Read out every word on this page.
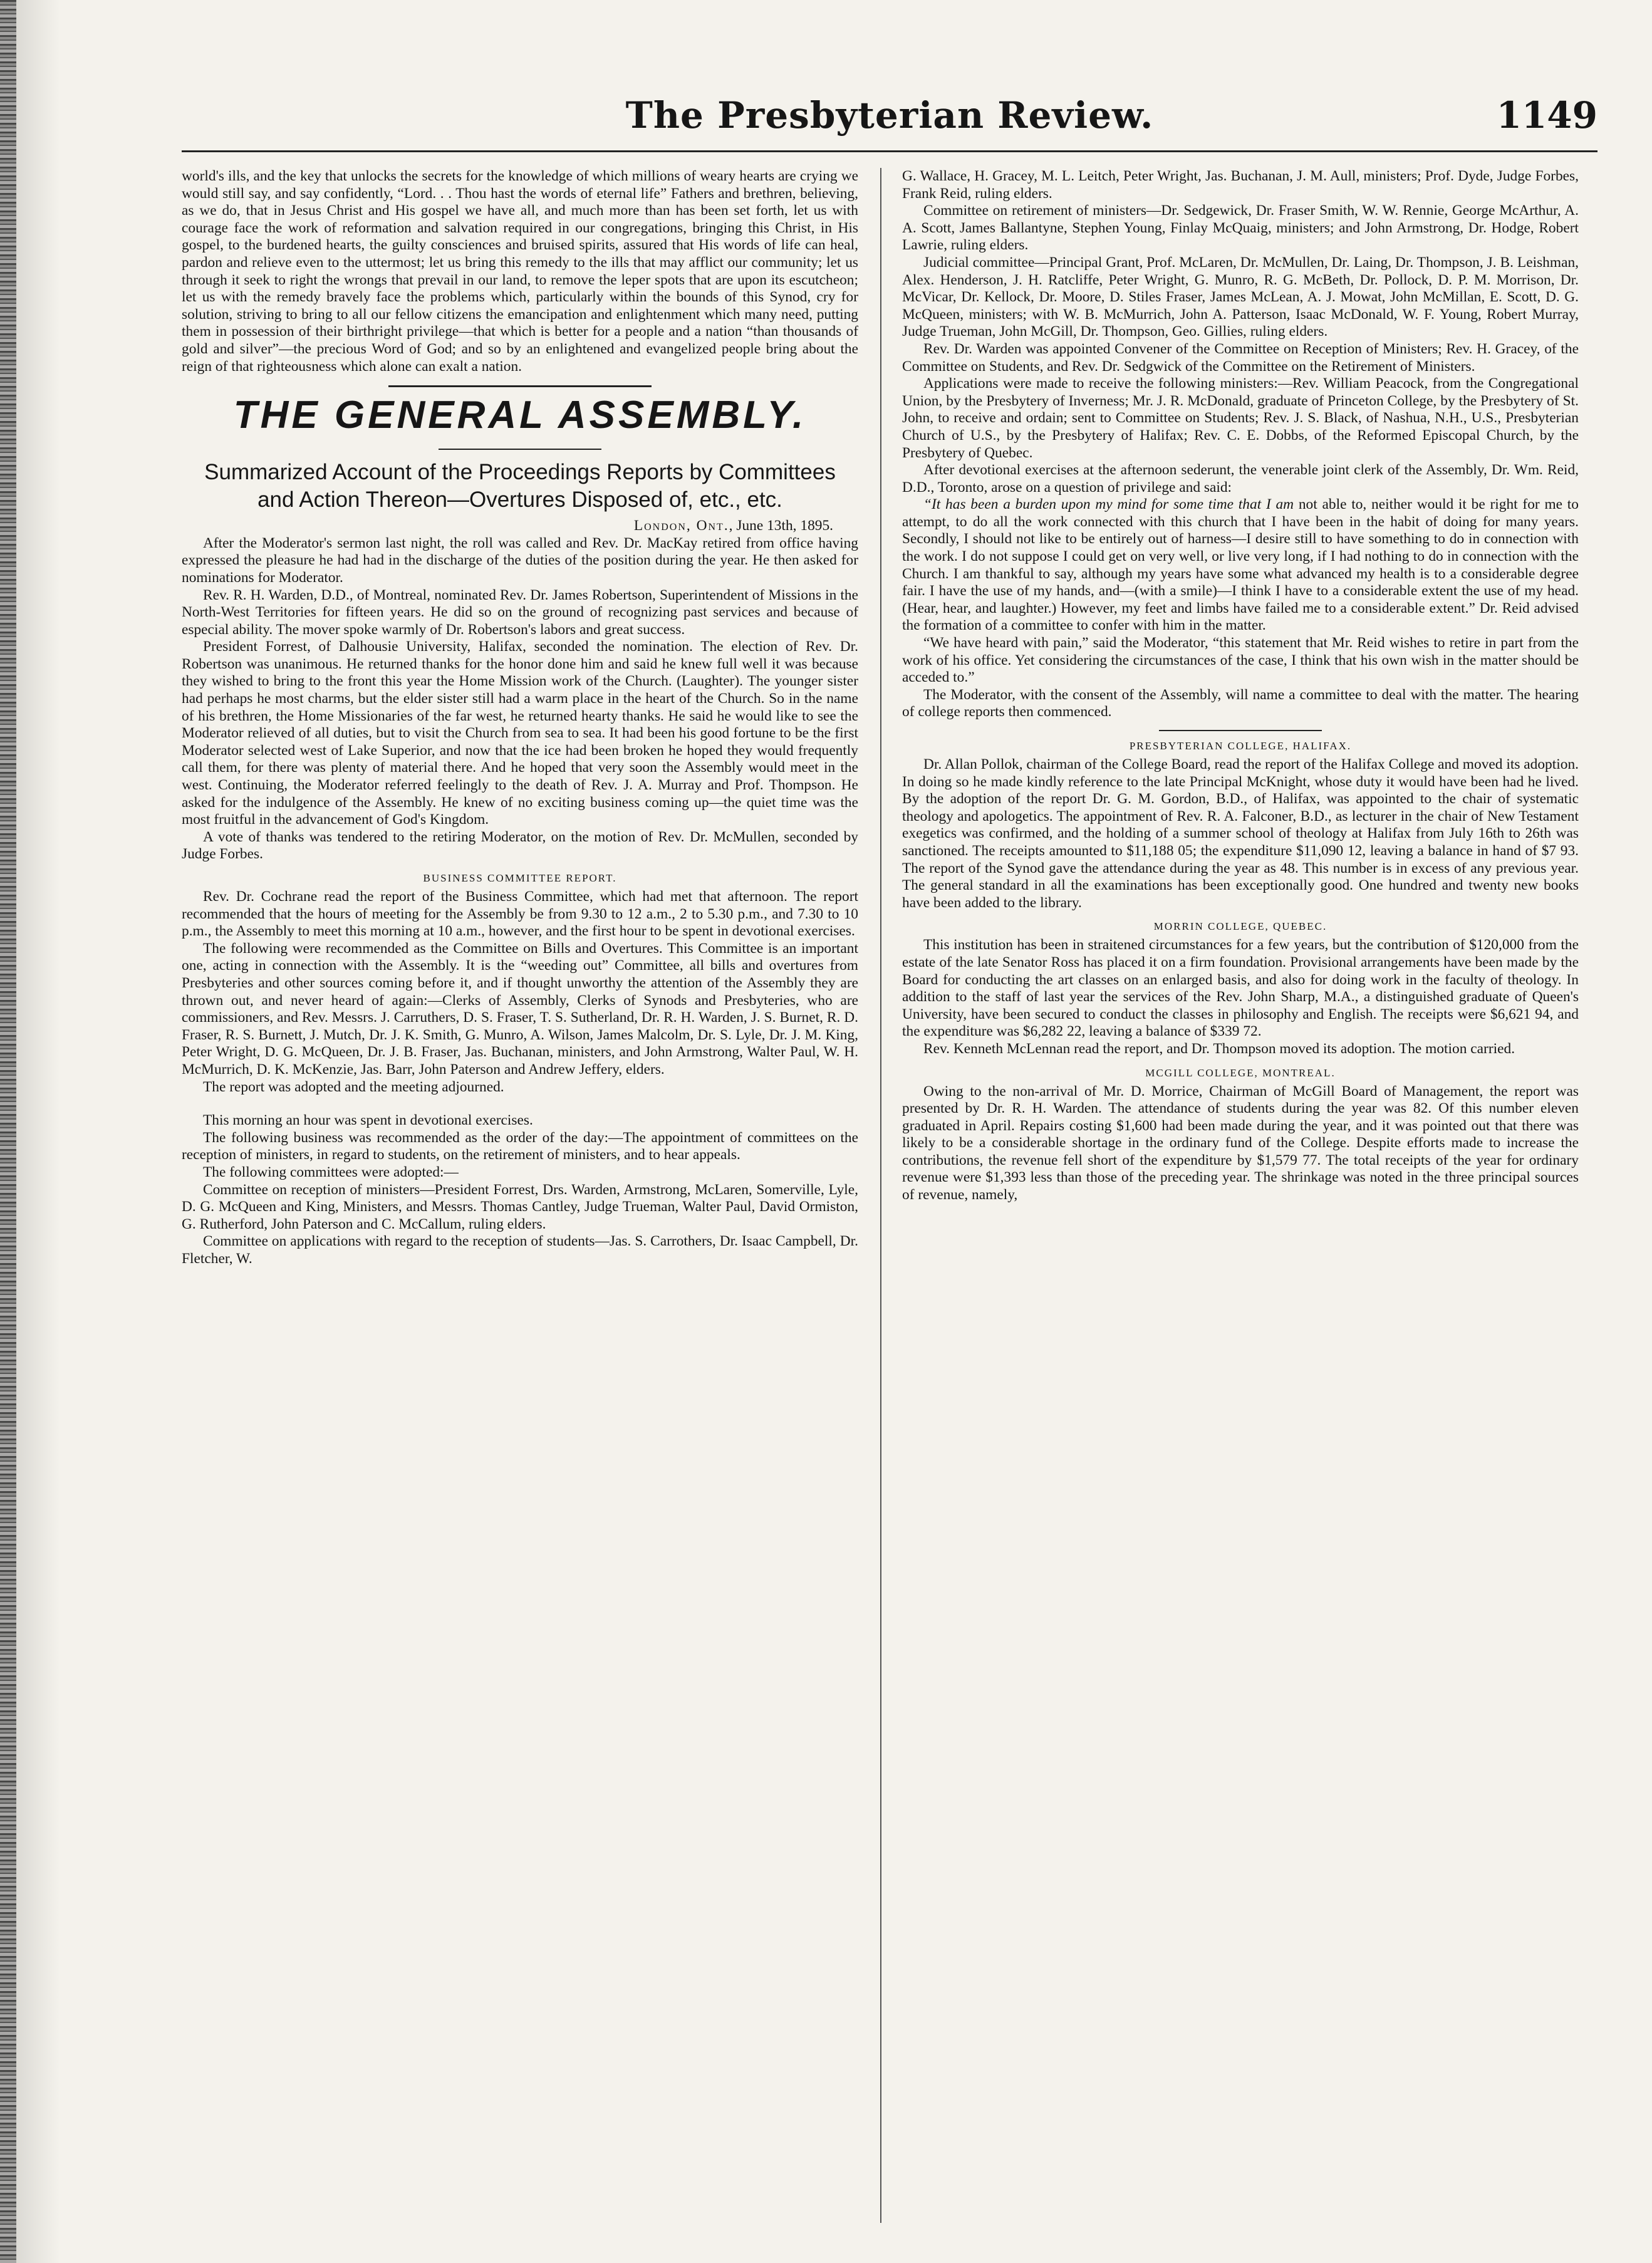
The Presbyterian Review.	1149

world's ills, and the key that unlocks the secrets for the knowledge of which millions of weary hearts are crying we would still say, and say confidently, “Lord. . . Thou hast the words of eternal life” Fathers and brethren, believing, as we do, that in Jesus Christ and His gospel we have all, and much more than has been set forth, let us with courage face the work of reformation and salvation required in our congregations, bringing this Christ, in His gospel, to the burdened hearts, the guilty consciences and bruised spirits, assured that His words of life can heal, pardon and relieve even to the uttermost; let us bring this remedy to the ills that may afflict our community; let us through it seek to right the wrongs that prevail in our land, to remove the leper spots that are upon its escutcheon; let us with the remedy bravely face the problems which, particularly within the bounds of this Synod, cry for solution, striving to bring to all our fellow citizens the emancipation and enlightenment which many need, putting them in possession of their birthright privilege—that which is better for a people and a nation “than thousands of gold and silver”—the precious Word of God; and so by an enlightened and evangelized people bring about the reign of that righteousness which alone can exalt a nation.

THE GENERAL ASSEMBLY.
Summarized Account of the Proceedings Reports by Committees and Action Thereon—Overtures Disposed of, etc., etc.

London, Ont., June 13th, 1895.

After the Moderator's sermon last night, the roll was called and Rev. Dr. MacKay retired from office having expressed the pleasure he had had in the discharge of the duties of the position during the year. He then asked for nominations for Moderator.

Rev. R. H. Warden, D.D., of Montreal, nominated Rev. Dr. James Robertson, Superintendent of Missions in the North-West Territories for fifteen years. He did so on the ground of recognizing past services and because of especial ability. The mover spoke warmly of Dr. Robertson's labors and great success.

President Forrest, of Dalhousie University, Halifax, seconded the nomination. The election of Rev. Dr. Robertson was unanimous. He returned thanks for the honor done him and said he knew full well it was because they wished to bring to the front this year the Home Mission work of the Church. (Laughter). The younger sister had perhaps he most charms, but the elder sister still had a warm place in the heart of the Church. So in the name of his brethren, the Home Missionaries of the far west, he returned hearty thanks. He said he would like to see the Moderator relieved of all duties, but to visit the Church from sea to sea. It had been his good fortune to be the first Moderator selected west of Lake Superior, and now that the ice had been broken he hoped they would frequently call them, for there was plenty of material there. And he hoped that very soon the Assembly would meet in the west. Continuing, the Moderator referred feelingly to the death of Rev. J. A. Murray and Prof. Thompson. He asked for the indulgence of the Assembly. He knew of no exciting business coming up—the quiet time was the most fruitful in the advancement of God's Kingdom.

A vote of thanks was tendered to the retiring Moderator, on the motion of Rev. Dr. McMullen, seconded by Judge Forbes.

BUSINESS COMMITTEE REPORT.

Rev. Dr. Cochrane read the report of the Business Committee, which had met that afternoon. The report recommended that the hours of meeting for the Assembly be from 9.30 to 12 a.m., 2 to 5.30 p.m., and 7.30 to 10 p.m., the Assembly to meet this morning at 10 a.m., however, and the first hour to be spent in devotional exercises.

The following were recommended as the Committee on Bills and Overtures. This Committee is an important one, acting in connection with the Assembly. It is the “weeding out” Committee, all bills and overtures from Presbyteries and other sources coming before it, and if thought unworthy the attention of the Assembly they are thrown out, and never heard of again:—Clerks of Assembly, Clerks of Synods and Presbyteries, who are commissioners, and Rev. Messrs. J. Carruthers, D. S. Fraser, T. S. Sutherland, Dr. R. H. Warden, J. S. Burnet, R. D. Fraser, R. S. Burnett, J. Mutch, Dr. J. K. Smith, G. Munro, A. Wilson, James Malcolm, Dr. S. Lyle, Dr. J. M. King, Peter Wright, D. G. McQueen, Dr. J. B. Fraser, Jas. Buchanan, ministers, and John Armstrong, Walter Paul, W. H. McMurrich, D. K. McKenzie, Jas. Barr, John Paterson and Andrew Jeffery, elders.

The report was adopted and the meeting adjourned.

This morning an hour was spent in devotional exercises.

The following business was recommended as the order of the day:—The appointment of committees on the reception of ministers, in regard to students, on the retirement of ministers, and to hear appeals.

The following committees were adopted:—

Committee on reception of ministers—President Forrest, Drs. Warden, Armstrong, McLaren, Somerville, Lyle, D. G. McQueen and King, Ministers, and Messrs. Thomas Cantley, Judge Trueman, Walter Paul, David Ormiston, G. Rutherford, John Paterson and C. McCallum, ruling elders.

Committee on applications with regard to the reception of students—Jas. S. Carrothers, Dr. Isaac Campbell, Dr. Fletcher, W.

G. Wallace, H. Gracey, M. L. Leitch, Peter Wright, Jas. Buchanan, J. M. Aull, ministers; Prof. Dyde, Judge Forbes, Frank Reid, ruling elders.

Committee on retirement of ministers—Dr. Sedgewick, Dr. Fraser Smith, W. W. Rennie, George McArthur, A. A. Scott, James Ballantyne, Stephen Young, Finlay McQuaig, ministers; and John Armstrong, Dr. Hodge, Robert Lawrie, ruling elders.

Judicial committee—Principal Grant, Prof. McLaren, Dr. McMullen, Dr. Laing, Dr. Thompson, J. B. Leishman, Alex. Henderson, J. H. Ratcliffe, Peter Wright, G. Munro, R. G. McBeth, Dr. Pollock, D. P. M. Morrison, Dr. McVicar, Dr. Kellock, Dr. Moore, D. Stiles Fraser, James McLean, A. J. Mowat, John McMillan, E. Scott, D. G. McQueen, ministers; with W. B. McMurrich, John A. Patterson, Isaac McDonald, W. F. Young, Robert Murray, Judge Trueman, John McGill, Dr. Thompson, Geo. Gillies, ruling elders.

Rev. Dr. Warden was appointed Convener of the Committee on Reception of Ministers; Rev. H. Gracey, of the Committee on Students, and Rev. Dr. Sedgwick of the Committee on the Retirement of Ministers.

Applications were made to receive the following ministers:—Rev. William Peacock, from the Congregational Union, by the Presbytery of Inverness; Mr. J. R. McDonald, graduate of Princeton College, by the Presbytery of St. John, to receive and ordain; sent to Committee on Students; Rev. J. S. Black, of Nashua, N.H., U.S., Presbyterian Church of U.S., by the Presbytery of Halifax; Rev. C. E. Dobbs, of the Reformed Episcopal Church, by the Presbytery of Quebec.

After devotional exercises at the afternoon sederunt, the venerable joint clerk of the Assembly, Dr. Wm. Reid, D.D., Toronto, arose on a question of privilege and said:

“It has been a burden upon my mind for some time that I am not able to, neither would it be right for me to attempt, to do all the work connected with this church that I have been in the habit of doing for many years. Secondly, I should not like to be entirely out of harness—I desire still to have something to do in connection with the work. I do not suppose I could get on very well, or live very long, if I had nothing to do in connection with the Church. I am thankful to say, although my years have some what advanced my health is to a considerable degree fair. I have the use of my hands, and—(with a smile)—I think I have to a considerable extent the use of my head. (Hear, hear, and laughter.) However, my feet and limbs have failed me to a considerable extent.” Dr. Reid advised the formation of a committee to confer with him in the matter.

“We have heard with pain,” said the Moderator, “this statement that Mr. Reid wishes to retire in part from the work of his office. Yet considering the circumstances of the case, I think that his own wish in the matter should be acceded to.”

The Moderator, with the consent of the Assembly, will name a committee to deal with the matter. The hearing of college reports then commenced.

PRESBYTERIAN COLLEGE, HALIFAX.

Dr. Allan Pollok, chairman of the College Board, read the report of the Halifax College and moved its adoption. In doing so he made kindly reference to the late Principal McKnight, whose duty it would have been had he lived. By the adoption of the report Dr. G. M. Gordon, B.D., of Halifax, was appointed to the chair of systematic theology and apologetics. The appointment of Rev. R. A. Falconer, B.D., as lecturer in the chair of New Testament exegetics was confirmed, and the holding of a summer school of theology at Halifax from July 16th to 26th was sanctioned. The receipts amounted to $11,188 05; the expenditure $11,090 12, leaving a balance in hand of $7 93. The report of the Synod gave the attendance during the year as 48. This number is in excess of any previous year. The general standard in all the examinations has been exceptionally good. One hundred and twenty new books have been added to the library.

MORRIN COLLEGE, QUEBEC.

This institution has been in straitened circumstances for a few years, but the contribution of $120,000 from the estate of the late Senator Ross has placed it on a firm foundation. Provisional arrangements have been made by the Board for conducting the art classes on an enlarged basis, and also for doing work in the faculty of theology. In addition to the staff of last year the services of the Rev. John Sharp, M.A., a distinguished graduate of Queen's University, have been secured to conduct the classes in philosophy and English. The receipts were $6,621 94, and the expenditure was $6,282 22, leaving a balance of $339 72.

Rev. Kenneth McLennan read the report, and Dr. Thompson moved its adoption. The motion carried.

MCGILL COLLEGE, MONTREAL.

Owing to the non-arrival of Mr. D. Morrice, Chairman of McGill Board of Management, the report was presented by Dr. R. H. Warden. The attendance of students during the year was 82. Of this number eleven graduated in April. Repairs costing $1,600 had been made during the year, and it was pointed out that there was likely to be a considerable shortage in the ordinary fund of the College. Despite efforts made to increase the contributions, the revenue fell short of the expenditure by $1,579 77. The total receipts of the year for ordinary revenue were $1,393 less than those of the preceding year. The shrinkage was noted in the three principal sources of revenue, namely,
